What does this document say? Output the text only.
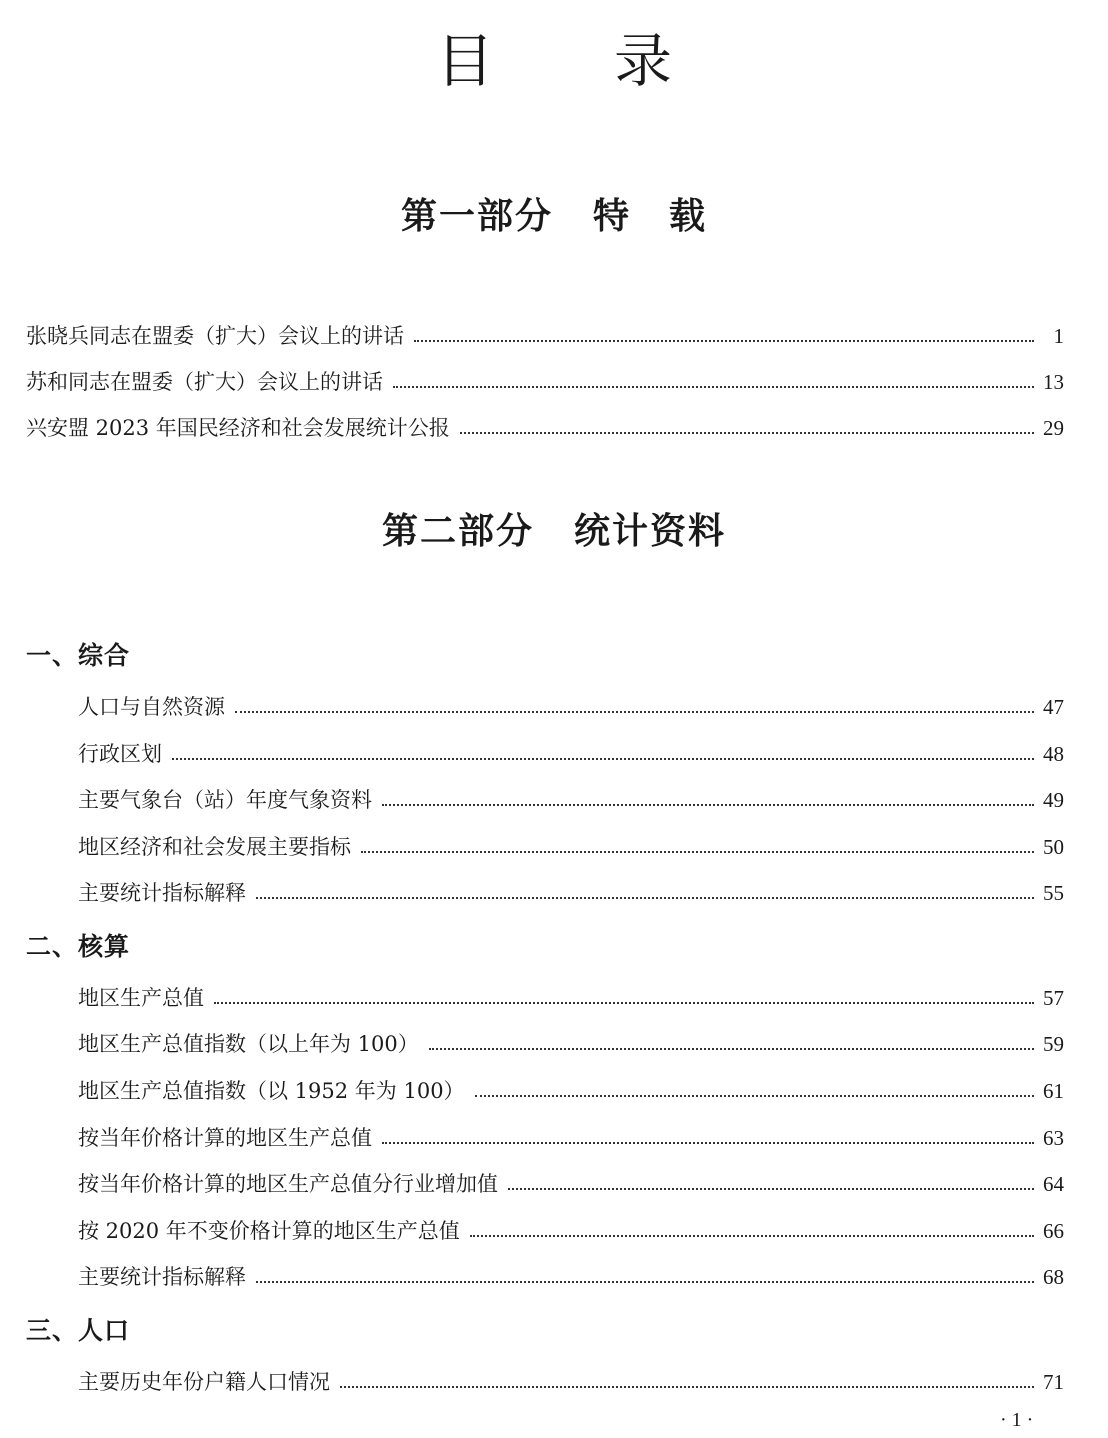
目 录
第一部分 特　载
张晓兵同志在盟委（扩大）会议上的讲话	1
苏和同志在盟委（扩大）会议上的讲话	13
兴安盟 2023 年国民经济和社会发展统计公报	29
第二部分 统计资料
一、综合
人口与自然资源	47
行政区划	48
主要气象台（站）年度气象资料	49
地区经济和社会发展主要指标	50
主要统计指标解释	55
二、核算
地区生产总值	57
地区生产总值指数（以上年为 100）	59
地区生产总值指数（以 1952 年为 100）	61
按当年价格计算的地区生产总值	63
按当年价格计算的地区生产总值分行业增加值	64
按 2020 年不变价格计算的地区生产总值	66
主要统计指标解释	68
三、人口
主要历史年份户籍人口情况	71
· 1 ·
